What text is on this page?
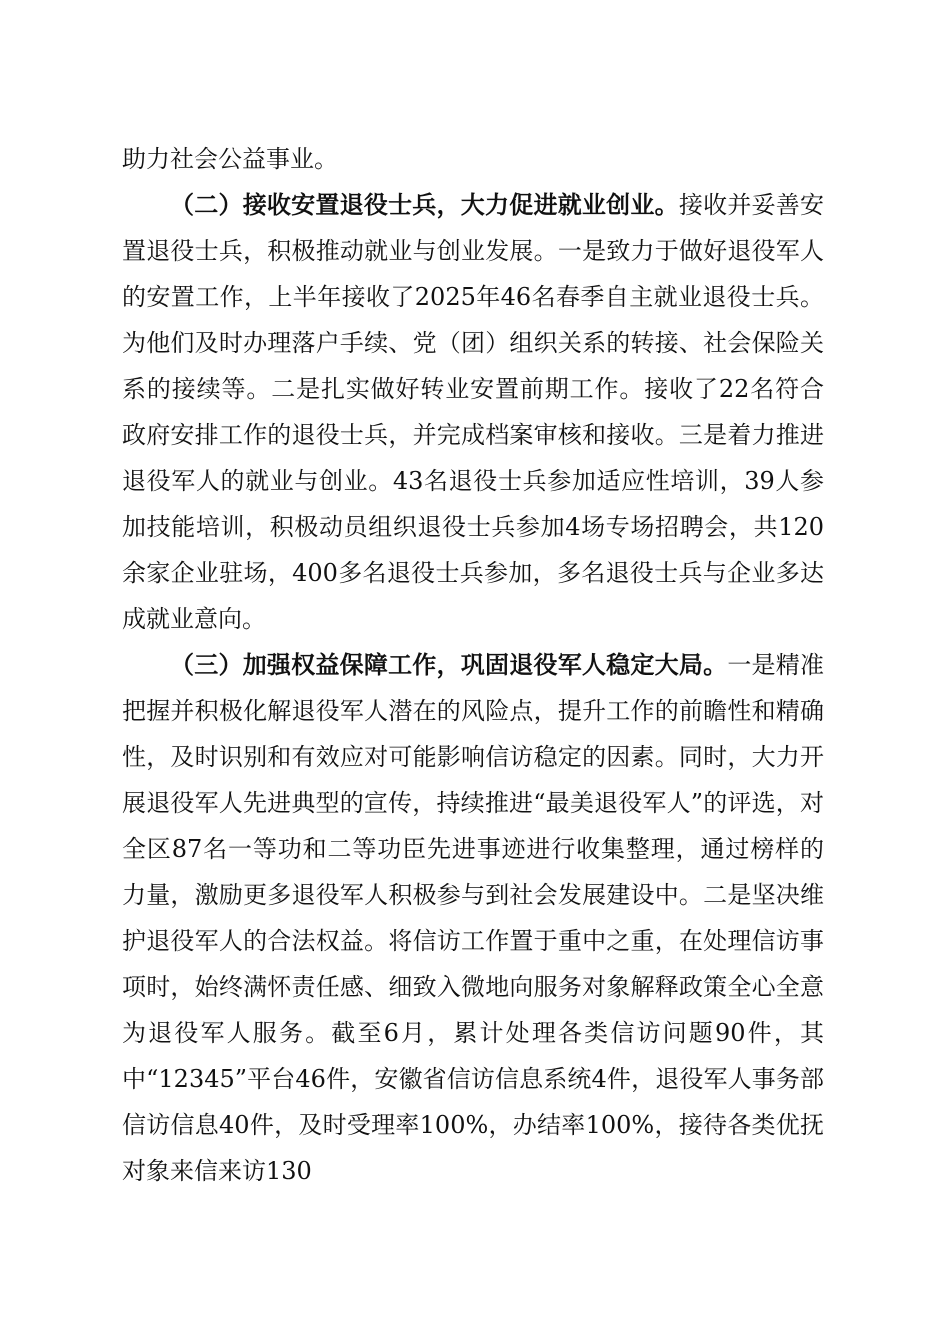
助力社会公益事业。

（二）接收安置退役士兵，大力促进就业创业。接收并妥善安置退役士兵，积极推动就业与创业发展。一是致力于做好退役军人的安置工作，上半年接收了2025年46名春季自主就业退役士兵。为他们及时办理落户手续、党（团）组织关系的转接、社会保险关系的接续等。二是扎实做好转业安置前期工作。接收了22名符合政府安排工作的退役士兵，并完成档案审核和接收。三是着力推进退役军人的就业与创业。43名退役士兵参加适应性培训，39人参加技能培训，积极动员组织退役士兵参加4场专场招聘会，共120余家企业驻场，400多名退役士兵参加，多名退役士兵与企业多达成就业意向。

（三）加强权益保障工作，巩固退役军人稳定大局。一是精准把握并积极化解退役军人潜在的风险点，提升工作的前瞻性和精确性，及时识别和有效应对可能影响信访稳定的因素。同时，大力开展退役军人先进典型的宣传，持续推进“最美退役军人”的评选，对全区87名一等功和二等功臣先进事迹进行收集整理，通过榜样的力量，激励更多退役军人积极参与到社会发展建设中。二是坚决维护退役军人的合法权益。将信访工作置于重中之重，在处理信访事项时，始终满怀责任感、细致入微地向服务对象解释政策全心全意为退役军人服务。截至6月，累计处理各类信访问题90件，其中“12345”平台46件，安徽省信访信息系统4件，退役军人事务部信访信息40件，及时受理率100%，办结率100%，接待各类优抚对象来信来访130
